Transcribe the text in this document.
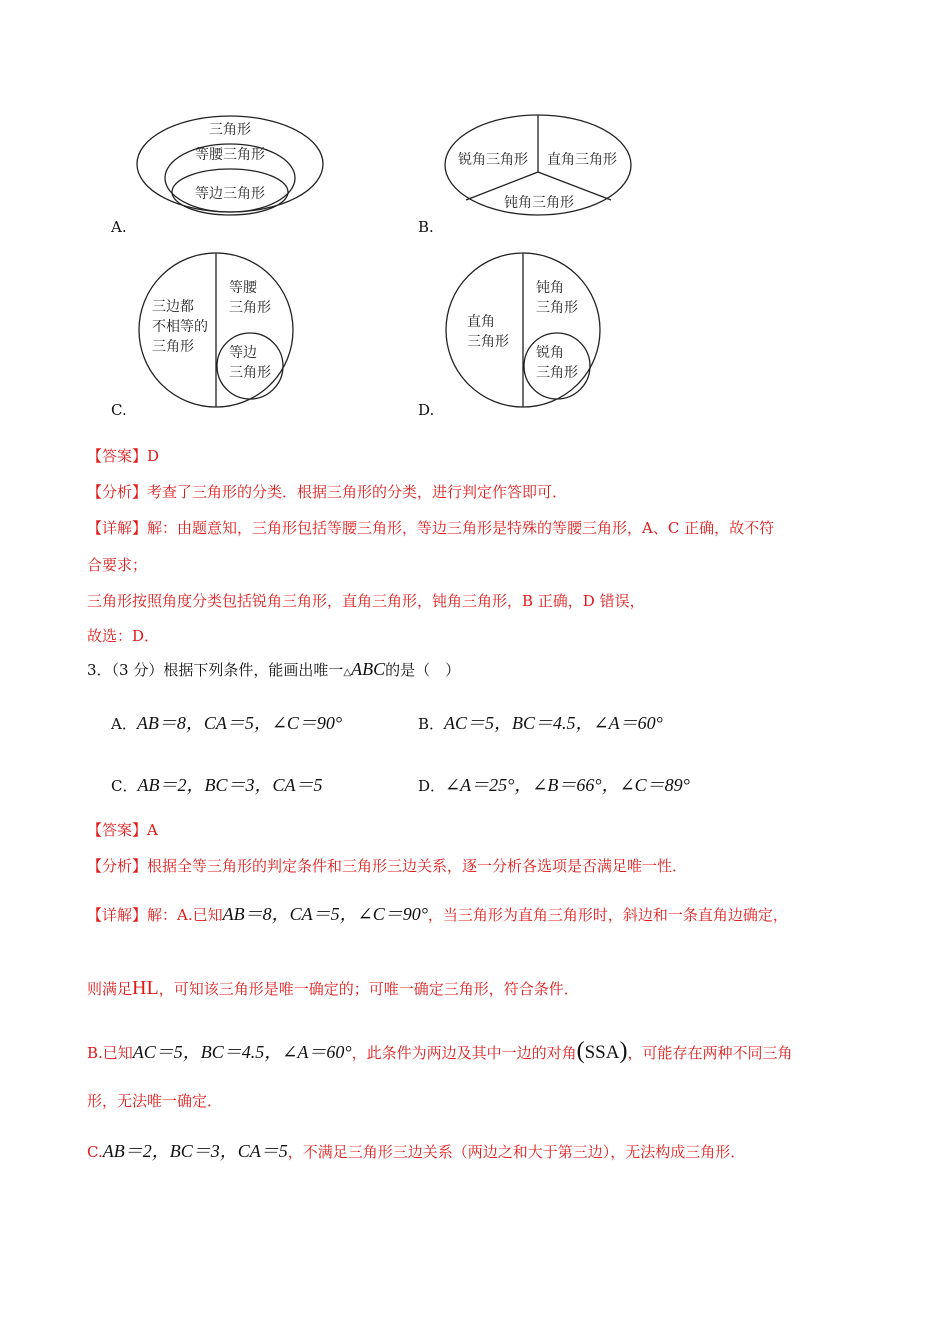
三角形
等腰三角形
等边三角形
A.
锐角三角形 直角三角形
钝角三角形
B.
三边都
不相等的
三角形
等腰
三角形
等边
三角形
C.
直角
三角形
钝角
三角形
锐角
三角形
D.
【答案】D
【分析】考查了三角形的分类．根据三角形的分类，进行判定作答即可．
【详解】解：由题意知，三角形包括等腰三角形，等边三角形是特殊的等腰三角形，A、C 正确，故不符
合要求；
三角形按照角度分类包括锐角三角形，直角三角形，钝角三角形，B 正确，D 错误，
故选：D．
3．（3 分）根据下列条件，能画出唯一△ABC的是（　）
A．AB＝8，CA＝5，∠C＝90°	B．AC＝5，BC＝4.5，∠A＝60°
C．AB＝2，BC＝3，CA＝5	D．∠A＝25°，∠B＝66°，∠C＝89°
【答案】A
【分析】根据全等三角形的判定条件和三角形三边关系，逐一分析各选项是否满足唯一性．
【详解】解：A.已知AB＝8，CA＝5，∠C＝90°，当三角形为直角三角形时，斜边和一条直角边确定，
则满足HL，可知该三角形是唯一确定的；可唯一确定三角形，符合条件．
B.已知AC＝5，BC＝4.5，∠A＝60°，此条件为两边及其中一边的对角(SSA)，可能存在两种不同三角
形，无法唯一确定．
C.AB＝2，BC＝3，CA＝5，不满足三角形三边关系（两边之和大于第三边），无法构成三角形．
